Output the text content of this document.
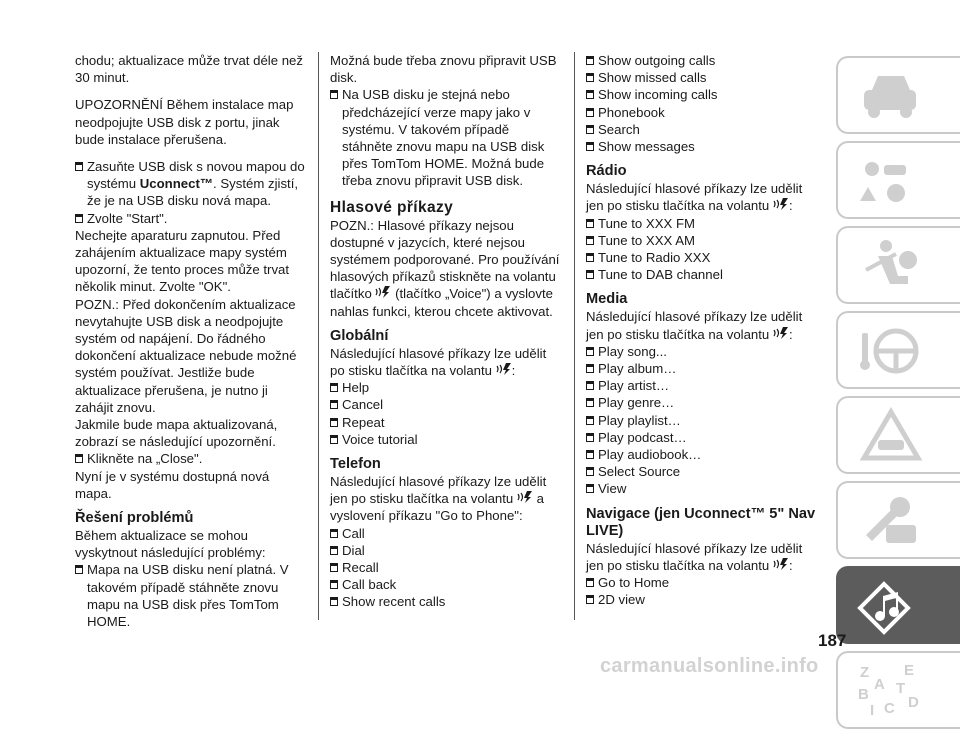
chodu; aktualizace může trvat déle než 30 minut.

UPOZORNĚNÍ Během instalace map neodpojujte USB disk z portu, jinak bude instalace přerušena.

Zasuňte USB disk s novou mapou do systému Uconnect™. Systém zjistí, že je na USB disku nová mapa.
Zvolte "Start".

Nechejte aparaturu zapnutou. Před zahájením aktualizace mapy systém upozorní, že tento proces může trvat několik minut. Zvolte "OK".

POZN.: Před dokončením aktualizace nevytahujte USB disk a neodpojujte systém od napájení. Do řádného dokončení aktualizace nebude možné systém používat. Jestliže bude aktualizace přerušena, je nutno ji zahájit znovu.

Jakmile bude mapa aktualizovaná, zobrazí se následující upozornění.

Klikněte na „Close".

Nyní je v systému dostupná nová mapa.

Řešení problémů

Během aktualizace se mohou vyskytnout následující problémy:

Mapa na USB disku není platná. V takovém případě stáhněte znovu mapu na USB disk přes TomTom HOME.

Možná bude třeba znovu připravit USB disk.

Na USB disku je stejná nebo předcházející verze mapy jako v systému. V takovém případě stáhněte znovu mapu na USB disk přes TomTom HOME. Možná bude třeba znovu připravit USB disk.
Hlasové příkazy

POZN.: Hlasové příkazy nejsou dostupné v jazycích, které nejsou systémem podporované. Pro používání hlasových příkazů stiskněte na volantu tlačítko  (tlačítko „Voice") a vyslovte nahlas funkci, kterou chcete aktivovat.

Globální

Následující hlasové příkazy lze udělit po stisku tlačítka na volantu :

Help
Cancel
Repeat
Voice tutorial
Telefon

Následující hlasové příkazy lze udělit jen po stisku tlačítka na volantu  a vyslovení příkazu "Go to Phone":

Call
Dial
Recall
Call back
Show recent calls
Show outgoing calls
Show missed calls
Show incoming calls
Phonebook
Search
Show messages
Rádio

Následující hlasové příkazy lze udělit jen po stisku tlačítka na volantu :

Tune to XXX FM
Tune to XXX AM
Tune to Radio XXX
Tune to DAB channel
Media

Následující hlasové příkazy lze udělit jen po stisku tlačítka na volantu :

Play song...
Play album…
Play artist…
Play genre…
Play playlist…
Play podcast…
Play audiobook…
Select Source
View
Navigace (jen Uconnect™ 5" Nav LIVE)

Následující hlasové příkazy lze udělit jen po stisku tlačítka na volantu :

Go to Home
2D view
Z E
B
C D
A
I
T
187
carmanualsonline.info
